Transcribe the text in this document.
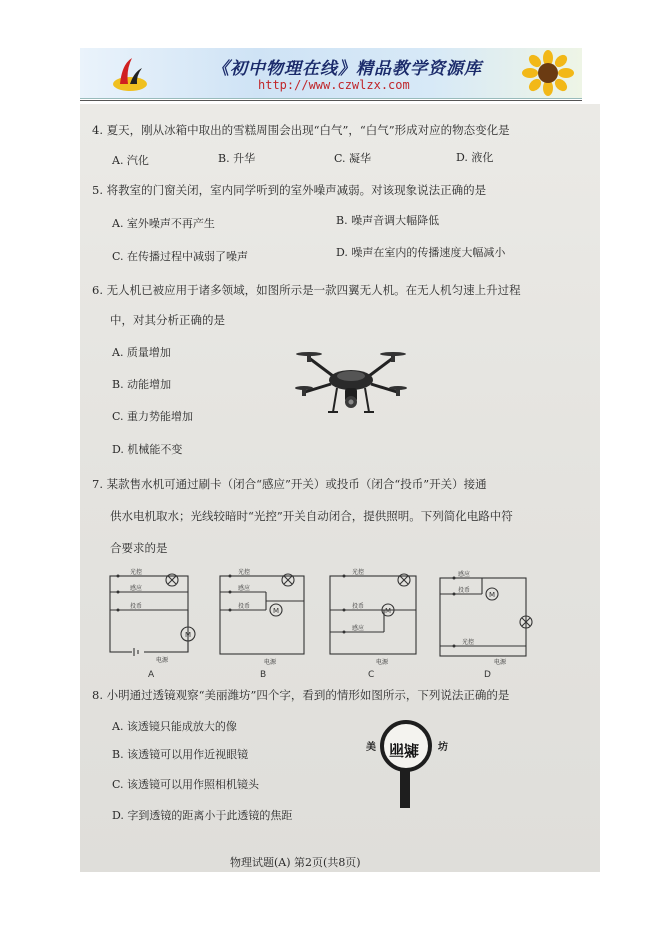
《初中物理在线》精品教学资源库
http://www.czwlzx.com
4. 夏天，刚从冰箱中取出的雪糕周围会出现“白气”，“白气”形成对应的物态变化是
A. 汽化	B. 升华	C. 凝华	D. 液化
5. 将教室的门窗关闭，室内同学听到的室外噪声减弱。对该现象说法正确的是
A. 室外噪声不再产生	B. 噪声音调大幅降低
C. 在传播过程中减弱了噪声	D. 噪声在室内的传播速度大幅减小
6. 无人机已被应用于诸多领域，如图所示是一款四翼无人机。在无人机匀速上升过程
中，对其分析正确的是
A. 质量增加
B. 动能增加
C. 重力势能增加
D. 机械能不变
7. 某款售水机可通过刷卡（闭合“感应”开关）或投币（闭合“投币”开关）接通
供水电机取水；光线较暗时“光控”开关自动闭合，提供照明。下列简化电路中符
合要求的是
光控
感应
投币
M
电源
A
光控
感应
投币
M
电源
B
光控
投币
感应
M
电源
C
感应
投币
光控
M
电源
D
8. 小明通过透镜观察“美丽潍坊”四个字，看到的情形如图所示，下列说法正确的是
A. 该透镜只能成放大的像
B. 该透镜可以用作近视眼镜
C. 该透镜可以用作照相机镜头
D. 字到透镜的距离小于此透镜的焦距
美 丽潍 坊
物理试题(A) 第2页(共8页)
